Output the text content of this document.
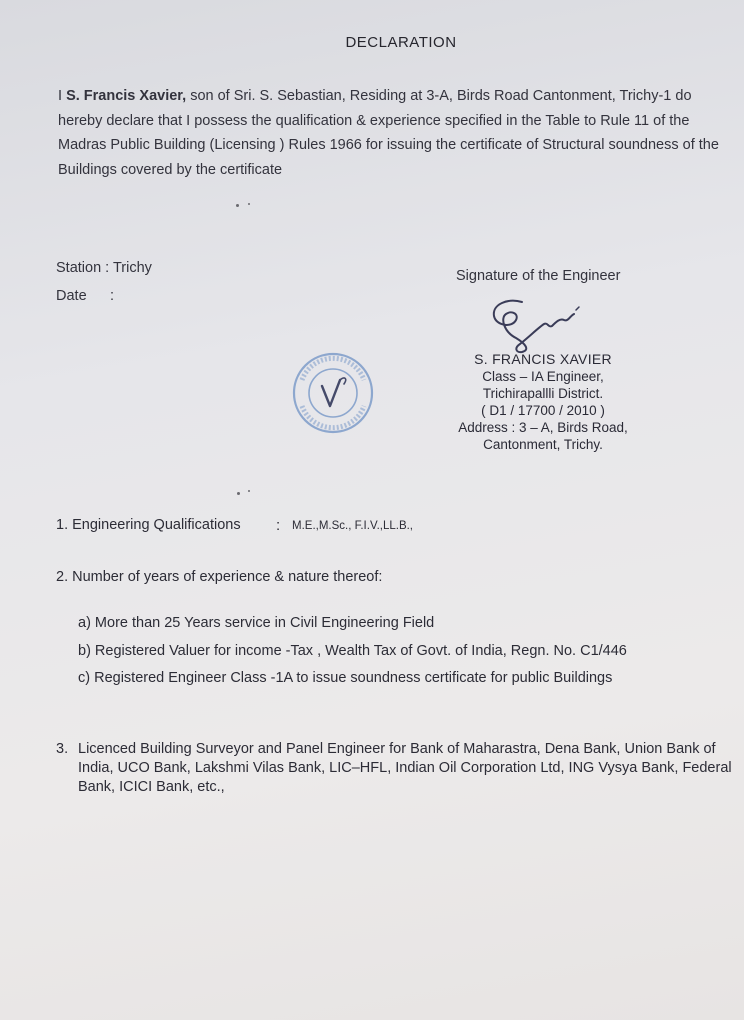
DECLARATION
I S. Francis Xavier, son of Sri. S. Sebastian, Residing at 3-A, Birds Road Cantonment, Trichy-1 do hereby declare that I possess the qualification & experience specified in the Table to Rule 11 of the Madras Public Building (Licensing ) Rules 1966 for issuing the certificate of Structural soundness of the Buildings covered by the certificate
Station : Trichy
Date :
Signature of the Engineer
S. FRANCIS XAVIER
Class – IA Engineer,
Trichirapallli District.
( D1 / 17700 / 2010 )
Address : 3 – A, Birds Road,
Cantonment, Trichy.
1. Engineering Qualifications : M.E.,M.Sc., F.I.V.,LL.B.,
2. Number of years of experience & nature thereof:
a) More than 25 Years service in Civil Engineering Field
b) Registered Valuer for income -Tax , Wealth Tax of Govt. of India, Regn. No. C1/446
c) Registered Engineer Class -1A to issue soundness certificate for public Buildings
3. Licenced Building Surveyor and Panel Engineer for Bank of Maharastra, Dena Bank, Union Bank of India, UCO Bank, Lakshmi Vilas Bank, LIC–HFL, Indian Oil Corporation Ltd, ING Vysya Bank, Federal Bank, ICICI Bank, etc.,
